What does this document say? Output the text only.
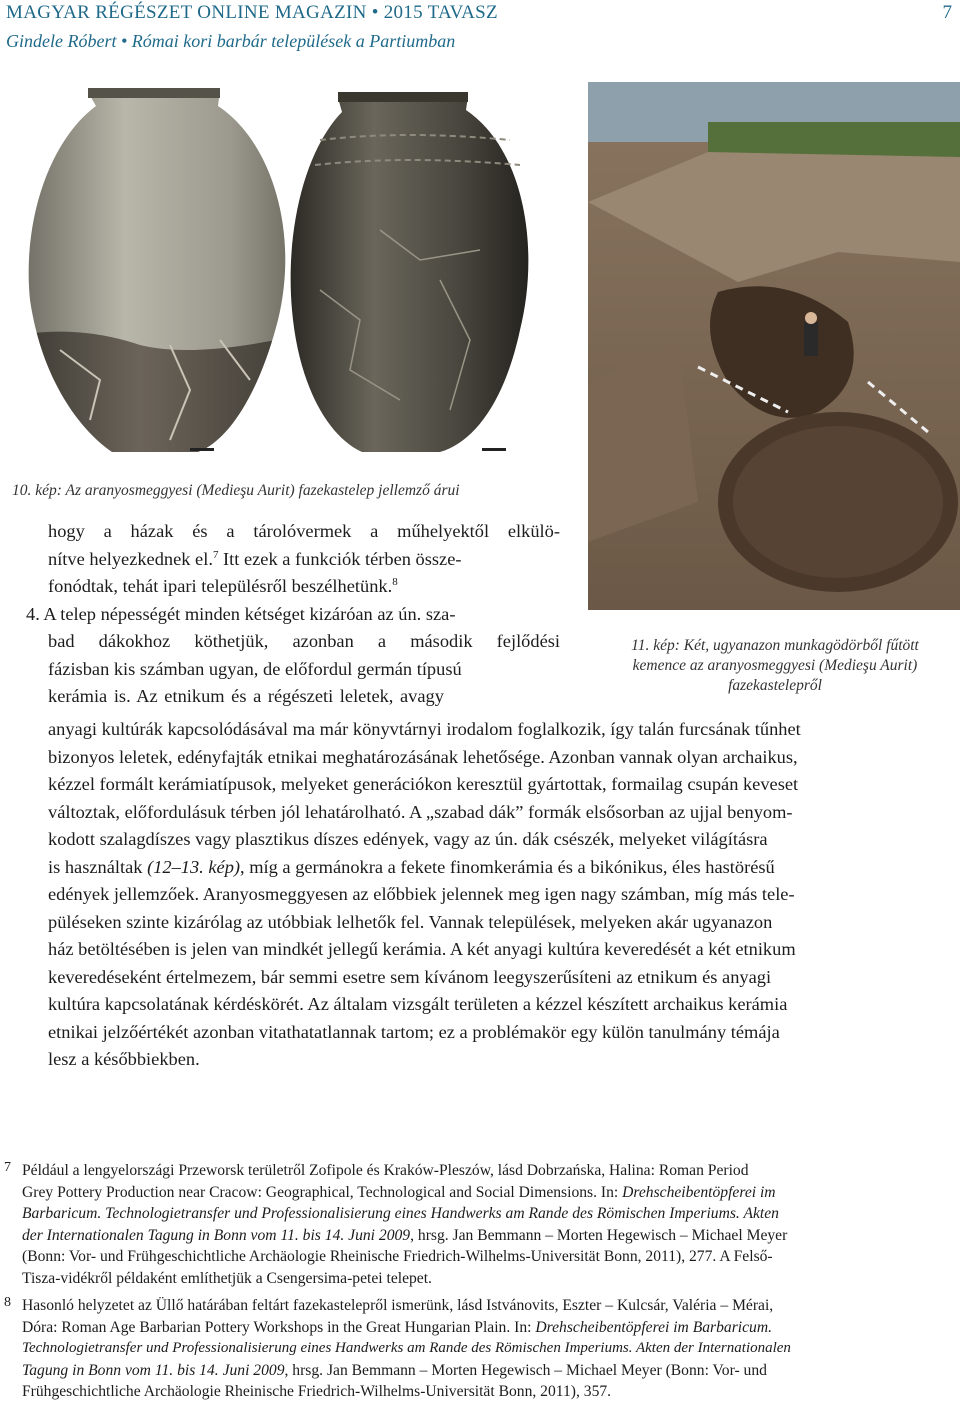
MAGYAR RÉGÉSZET ONLINE MAGAZIN • 2015 TAVASZ	7
Gindele Róbert • Római kori barbár települések a Partiumban
10. kép: Az aranyosmeggyesi (Medieşu Aurit) fazekastelep jellemző árui
11. kép: Két, ugyanazon munkagödörből fűtött
kemence az aranyosmeggyesi (Medieşu Aurit)
fazekastelepről
hogy a házak és a tárolóvermek a műhelyektől elkülö-
nítve helyezkednek el.$^7$ Itt ezek a funkciók térben össze-
fonódtak, tehát ipari településről beszélhetünk.$^8$
4. A telep népességét minden kétséget kizáróan az ún. sza-
bad dákokhoz köthetjük, azonban a második fejlődési
fázisban kis számban ugyan, de előfordul germán típusú
kerámia is. Az etnikum és a régészeti leletek, avagy
anyagi kultúrák kapcsolódásával ma már könyvtárnyi irodalom foglalkozik, így talán furcsának tűnhet
bizonyos leletek, edényfajták etnikai meghatározásának lehetősége. Azonban vannak olyan archaikus,
kézzel formált kerámiatípusok, melyeket generációkon keresztül gyártottak, formailag csupán keveset
változtak, előfordulásuk térben jól lehatárolható. A „szabad dák” formák elsősorban az ujjal benyom-
kodott szalagdíszes vagy plasztikus díszes edények, vagy az ún. dák csészék, melyeket világításra
is használtak (12–13. kép), míg a germánokra a fekete finomkerámia és a bikónikus, éles hastörésű
edények jellemzőek. Aranyosmeggyesen az előbbiek jelennek meg igen nagy számban, míg más tele-
püléseken szinte kizárólag az utóbbiak lelhetők fel. Vannak települések, melyeken akár ugyanazon
ház betöltésében is jelen van mindkét jellegű kerámia. A két anyagi kultúra keveredését a két etnikum
keveredéseként értelmezem, bár semmi esetre sem kívánom leegyszerűsíteni az etnikum és anyagi
kultúra kapcsolatának kérdéskörét. Az általam vizsgált területen a kézzel készített archaikus kerámia
etnikai jelzőértékét azonban vitathatatlannak tartom; ez a problémakör egy külön tanulmány témája
lesz a későbbiekben.
7 Például a lengyelországi Przeworsk területről Zofipole és Kraków-Pleszów, lásd Dobrzańska, Halina: Roman Period
Grey Pottery Production near Cracow: Geographical, Technological and Social Dimensions. In: Drehscheibentöpferei im
Barbaricum. Technologietransfer und Professionalisierung eines Handwerks am Rande des Römischen Imperiums. Akten
der Internationalen Tagung in Bonn vom 11. bis 14. Juni 2009, hrsg. Jan Bemmann – Morten Hegewisch – Michael Meyer
(Bonn: Vor- und Frühgeschichtliche Archäologie Rheinische Friedrich-Wilhelms-Universität Bonn, 2011), 277. A Felső-
Tisza-vidékről példaként említhetjük a Csengersima-petei telepet.
8 Hasonló helyzetet az Üllő határában feltárt fazekastelepről ismerünk, lásd Istvánovits, Eszter – Kulcsár, Valéria – Mérai,
Dóra: Roman Age Barbarian Pottery Workshops in the Great Hungarian Plain. In: Drehscheibentöpferei im Barbaricum.
Technologietransfer und Professionalisierung eines Handwerks am Rande des Römischen Imperiums. Akten der Internationalen
Tagung in Bonn vom 11. bis 14. Juni 2009, hrsg. Jan Bemmann – Morten Hegewisch – Michael Meyer (Bonn: Vor- und
Frühgeschichtliche Archäologie Rheinische Friedrich-Wilhelms-Universität Bonn, 2011), 357.
